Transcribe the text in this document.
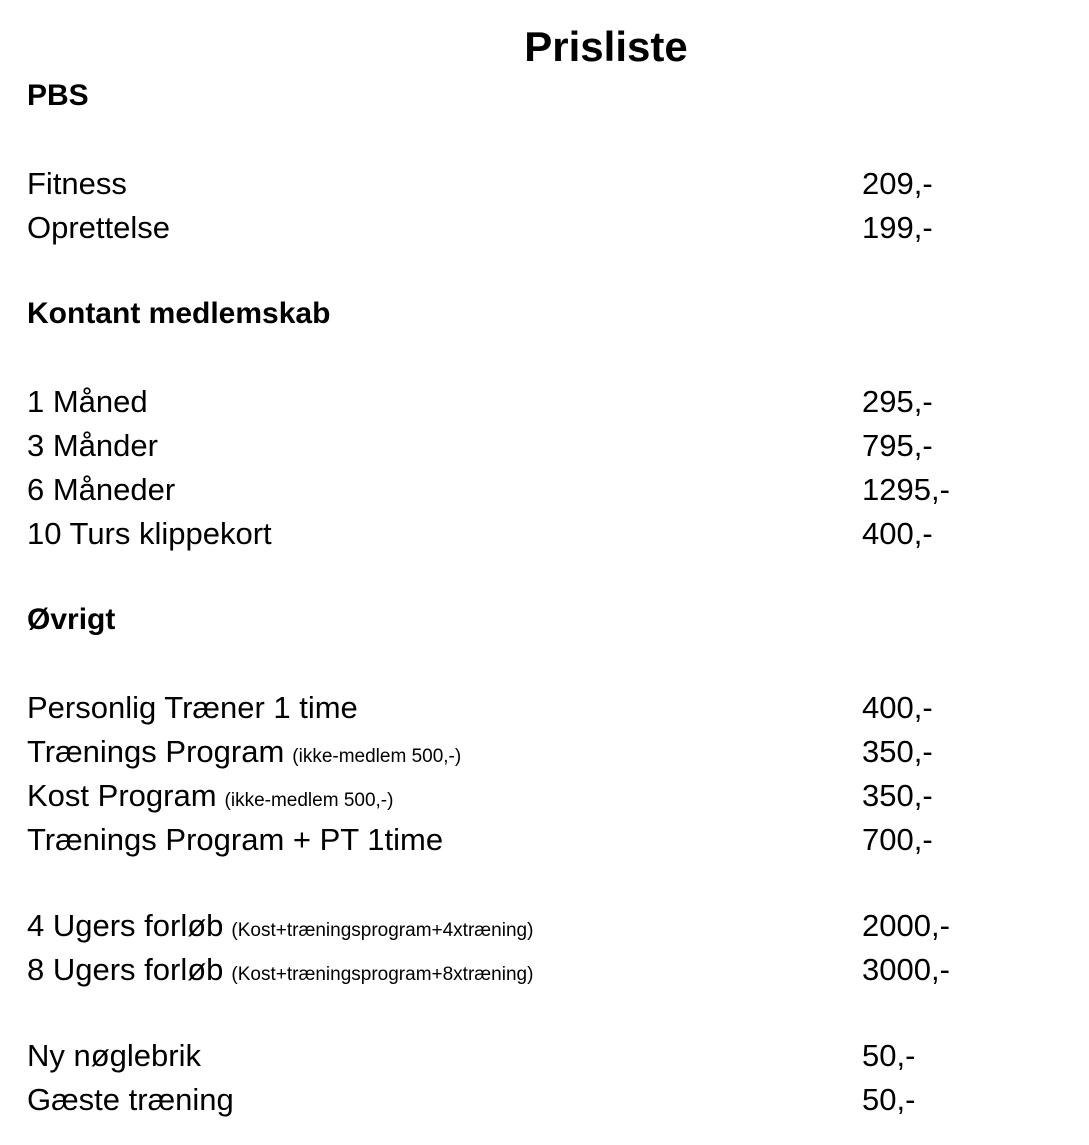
Prisliste
PBS
Fitness	209,-
Oprettelse	199,-
Kontant medlemskab
1 Måned	295,-
3 Månder	795,-
6 Måneder	1295,-
10 Turs klippekort	400,-
Øvrigt
Personlig Træner 1 time	400,-
Trænings Program (ikke-medlem 500,-)	350,-
Kost Program (ikke-medlem 500,-)	350,-
Trænings Program + PT 1time	700,-
4 Ugers forløb (Kost+træningsprogram+4xtræning)	2000,-
8 Ugers forløb (Kost+træningsprogram+8xtræning)	3000,-
Ny nøglebrik	50,-
Gæste træning	50,-
